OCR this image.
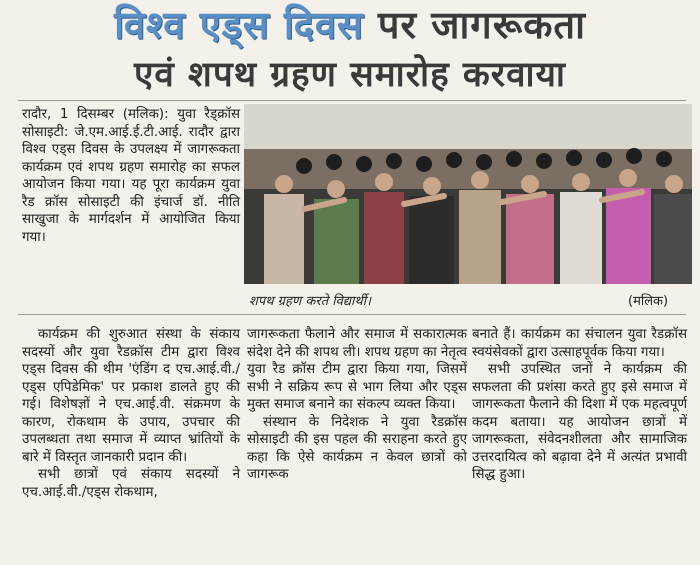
विश्व एड्स दिवस पर जागरूकता
एवं शपथ ग्रहण समारोह करवाया

रादौर, 1 दिसम्बर (मलिक): युवा रैड्क्रॉस सोसाइटी: जे.एम.आई.ई.टी.आई. रादौर द्वारा विश्व एड्स दिवस के उपलक्ष्य में जागरूकता कार्यक्रम एवं शपथ ग्रहण समारोह का सफल आयोजन किया गया। यह पूरा कार्यक्रम युवा रैड क्रॉस सोसाइटी की इंचार्ज डॉ. नीति साखुजा के मार्गदर्शन में आयोजित किया गया।

शपथ ग्रहण करते विद्यार्थी।	(मलिक)

कार्यक्रम की शुरुआत संस्था के संकाय सदस्यों और युवा रैडक्रॉस टीम द्वारा विश्व एड्स दिवस की थीम 'एंडिंग द एच.आई.वी./एड्स एपिडेमिक' पर प्रकाश डालते हुए की गई। विशेषज्ञों ने एच.आई.वी. संक्रमण के कारण, रोकथाम के उपाय, उपचार की उपलब्धता तथा समाज में व्याप्त भ्रांतियों के बारे में विस्तृत जानकारी प्रदान की।

सभी छात्रों एवं संकाय सदस्यों ने एच.आई.वी./एड्स रोकथाम,

जागरूकता फैलाने और समाज में सकारात्मक संदेश देने की शपथ ली। शपथ ग्रहण का नेतृत्व युवा रैड क्रॉस टीम द्वारा किया गया, जिसमें सभी ने सक्रिय रूप से भाग लिया और एड्स मुक्त समाज बनाने का संकल्प व्यक्त किया।

संस्थान के निदेशक ने युवा रैडक्रॉस सोसाइटी की इस पहल की सराहना करते हुए कहा कि ऐसे कार्यक्रम न केवल छात्रों को जागरूक

बनाते हैं। कार्यक्रम का संचालन युवा रैडक्रॉस स्वयंसेवकों द्वारा उत्साहपूर्वक किया गया।

सभी उपस्थित जनों ने कार्यक्रम की सफलता की प्रशंसा करते हुए इसे समाज में जागरूकता फैलाने की दिशा में एक महत्वपूर्ण कदम बताया। यह आयोजन छात्रों में जागरूकता, संवेदनशीलता और सामाजिक उत्तरदायित्व को बढ़ावा देने में अत्यंत प्रभावी सिद्ध हुआ।
